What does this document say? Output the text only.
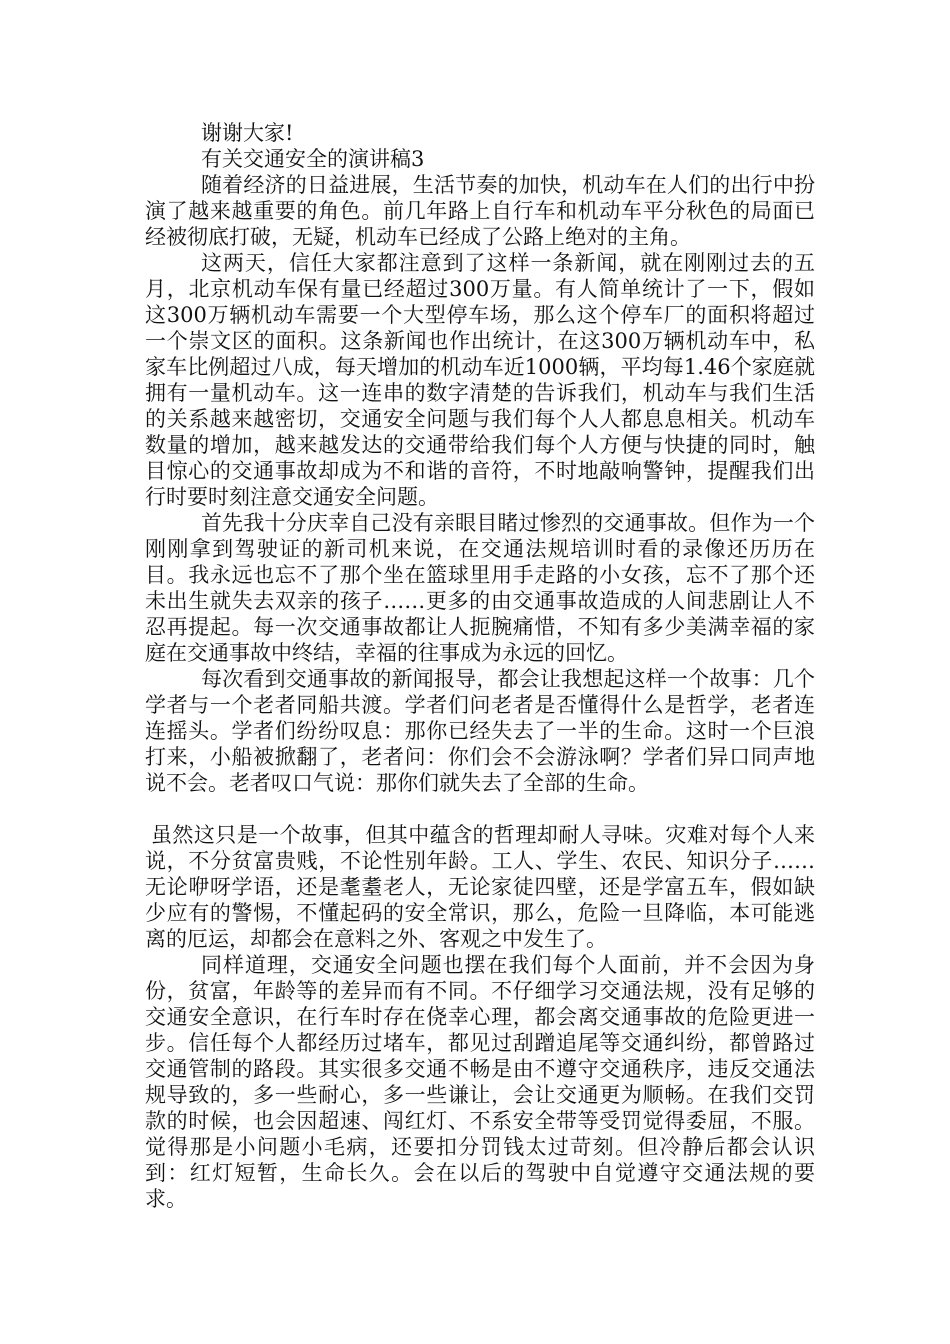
谢谢大家!

有关交通安全的演讲稿3

随着经济的日益进展，生活节奏的加快，机动车在人们的出行中扮演了越来越重要的角色。前几年路上自行车和机动车平分秋色的局面已经被彻底打破，无疑，机动车已经成了公路上绝对的主角。

这两天，信任大家都注意到了这样一条新闻，就在刚刚过去的五月，北京机动车保有量已经超过300万量。有人简单统计了一下，假如这300万辆机动车需要一个大型停车场，那么这个停车厂的面积将超过一个崇文区的面积。这条新闻也作出统计，在这300万辆机动车中，私家车比例超过八成，每天增加的机动车近1000辆，平均每1.46个家庭就拥有一量机动车。这一连串的数字清楚的告诉我们，机动车与我们生活的关系越来越密切，交通安全问题与我们每个人人都息息相关。机动车数量的增加，越来越发达的交通带给我们每个人方便与快捷的同时，触目惊心的交通事故却成为不和谐的音符，不时地敲响警钟，提醒我们出行时要时刻注意交通安全问题。

首先我十分庆幸自己没有亲眼目睹过惨烈的交通事故。但作为一个刚刚拿到驾驶证的新司机来说，在交通法规培训时看的录像还历历在目。我永远也忘不了那个坐在篮球里用手走路的小女孩，忘不了那个还未出生就失去双亲的孩子……更多的由交通事故造成的人间悲剧让人不忍再提起。每一次交通事故都让人扼腕痛惜，不知有多少美满幸福的家庭在交通事故中终结，幸福的往事成为永远的回忆。

每次看到交通事故的新闻报导，都会让我想起这样一个故事：几个学者与一个老者同船共渡。学者们问老者是否懂得什么是哲学，老者连连摇头。学者们纷纷叹息：那你已经失去了一半的生命。这时一个巨浪打来，小船被掀翻了，老者问：你们会不会游泳啊？学者们异口同声地说不会。老者叹口气说：那你们就失去了全部的生命。

虽然这只是一个故事，但其中蕴含的哲理却耐人寻味。灾难对每个人来说，不分贫富贵贱，不论性别年龄。工人、学生、农民、知识分子……无论咿呀学语，还是耄耋老人，无论家徒四壁，还是学富五车，假如缺少应有的警惕，不懂起码的安全常识，那么，危险一旦降临，本可能逃离的厄运，却都会在意料之外、客观之中发生了。

同样道理，交通安全问题也摆在我们每个人面前，并不会因为身份，贫富，年龄等的差异而有不同。不仔细学习交通法规，没有足够的交通安全意识，在行车时存在侥幸心理，都会离交通事故的危险更进一步。信任每个人都经历过堵车，都见过刮蹭追尾等交通纠纷，都曾路过交通管制的路段。其实很多交通不畅是由不遵守交通秩序，违反交通法规导致的，多一些耐心，多一些谦让，会让交通更为顺畅。在我们交罚款的时候，也会因超速、闯红灯、不系安全带等受罚觉得委屈，不服。觉得那是小问题小毛病，还要扣分罚钱太过苛刻。但冷静后都会认识到：红灯短暂，生命长久。会在以后的驾驶中自觉遵守交通法规的要求。
